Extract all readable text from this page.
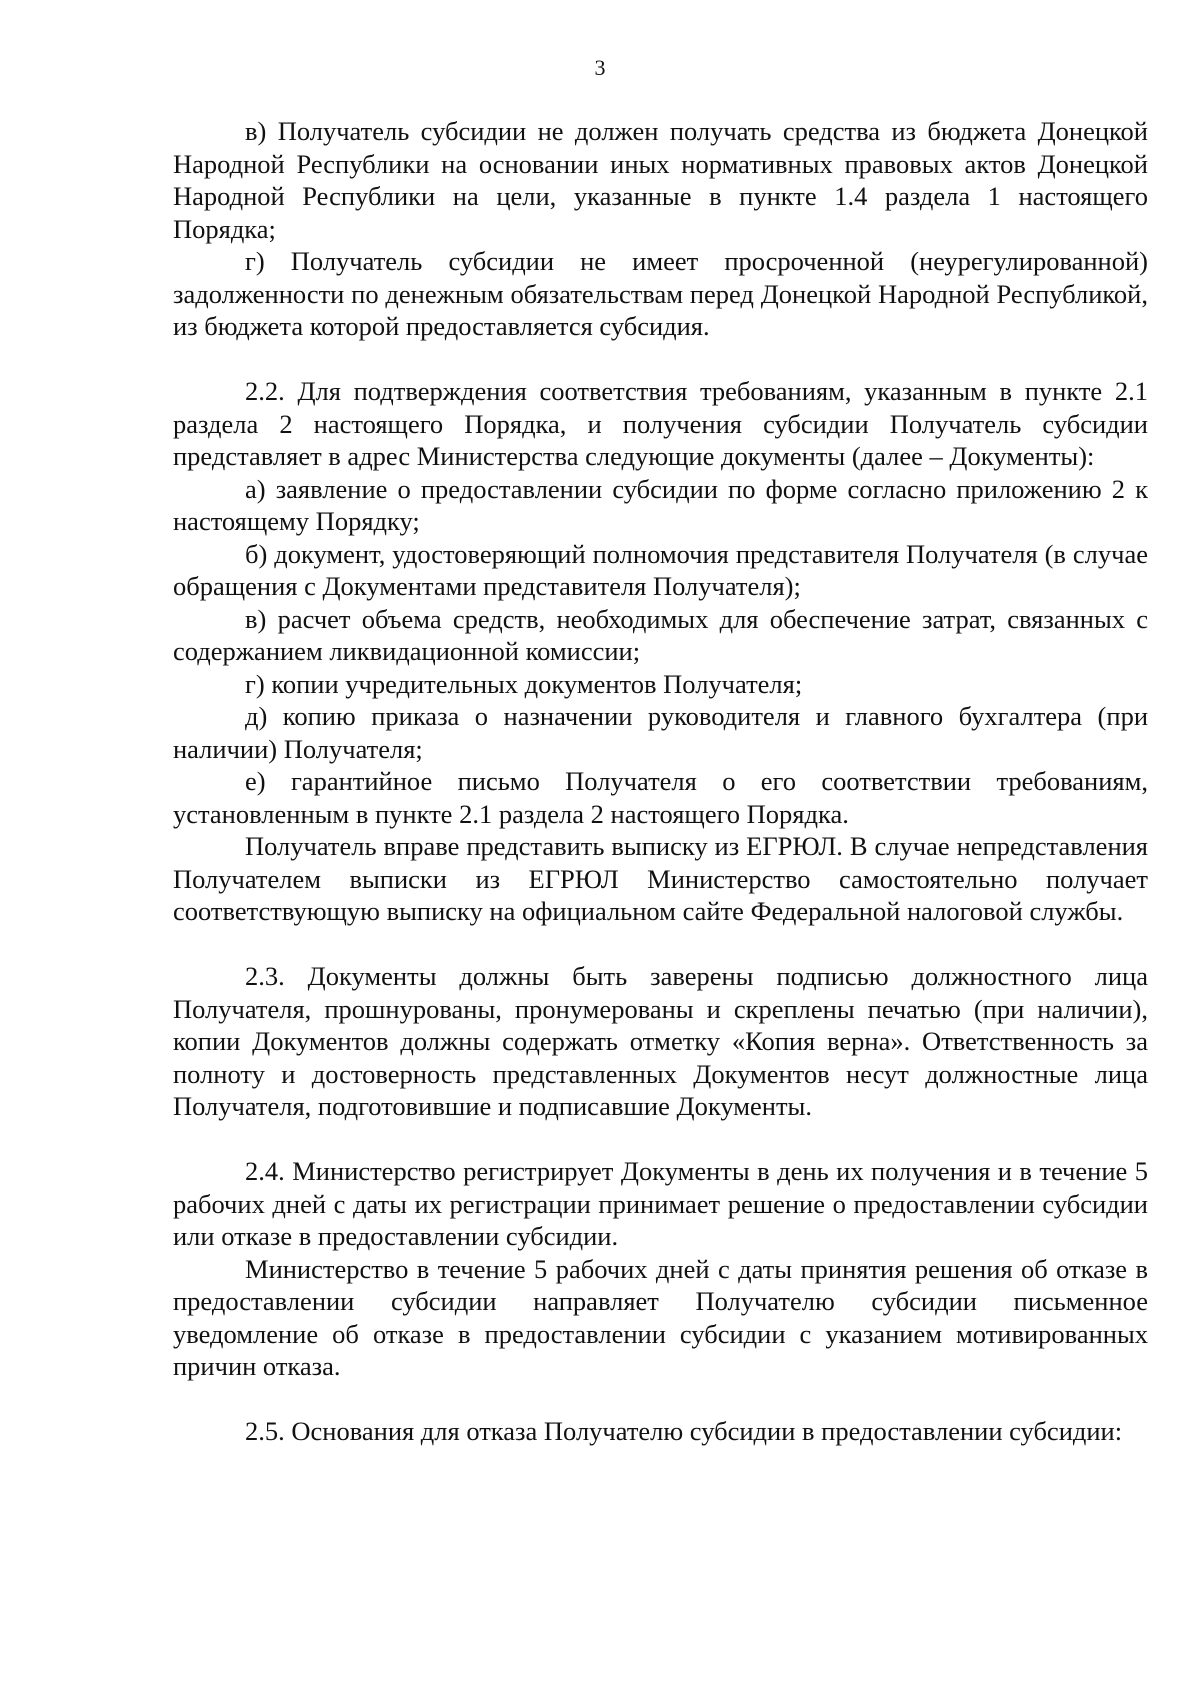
3

в) Получатель субсидии не должен получать средства из бюджета Донецкой Народной Республики на основании иных нормативных правовых актов Донецкой Народной Республики на цели, указанные в пункте 1.4 раздела 1 настоящего Порядка;

г) Получатель субсидии не имеет просроченной (неурегулированной) задолженности по денежным обязательствам перед Донецкой Народной Республикой, из бюджета которой предоставляется субсидия.

2.2. Для подтверждения соответствия требованиям, указанным в пункте 2.1 раздела 2 настоящего Порядка, и получения субсидии Получатель субсидии представляет в адрес Министерства следующие документы (далее – Документы):

а) заявление о предоставлении субсидии по форме согласно приложению 2 к настоящему Порядку;

б) документ, удостоверяющий полномочия представителя Получателя (в случае обращения с Документами представителя Получателя);

в) расчет объема средств, необходимых для обеспечение затрат, связанных с содержанием ликвидационной комиссии;

г) копии учредительных документов Получателя;

д) копию приказа о назначении руководителя и главного бухгалтера (при наличии) Получателя;

е) гарантийное письмо Получателя о его соответствии требованиям, установленным в пункте 2.1 раздела 2 настоящего Порядка.

Получатель вправе представить выписку из ЕГРЮЛ. В случае непредставления Получателем выписки из ЕГРЮЛ Министерство самостоятельно получает соответствующую выписку на официальном сайте Федеральной налоговой службы.

2.3. Документы должны быть заверены подписью должностного лица Получателя, прошнурованы, пронумерованы и скреплены печатью (при наличии), копии Документов должны содержать отметку «Копия верна». Ответственность за полноту и достоверность представленных Документов несут должностные лица Получателя, подготовившие и подписавшие Документы.

2.4. Министерство регистрирует Документы в день их получения и в течение 5 рабочих дней с даты их регистрации принимает решение о предоставлении субсидии или отказе в предоставлении субсидии.

Министерство в течение 5 рабочих дней с даты принятия решения об отказе в предоставлении субсидии направляет Получателю субсидии письменное уведомление об отказе в предоставлении субсидии с указанием мотивированных причин отказа.

2.5. Основания для отказа Получателю субсидии в предоставлении субсидии:
